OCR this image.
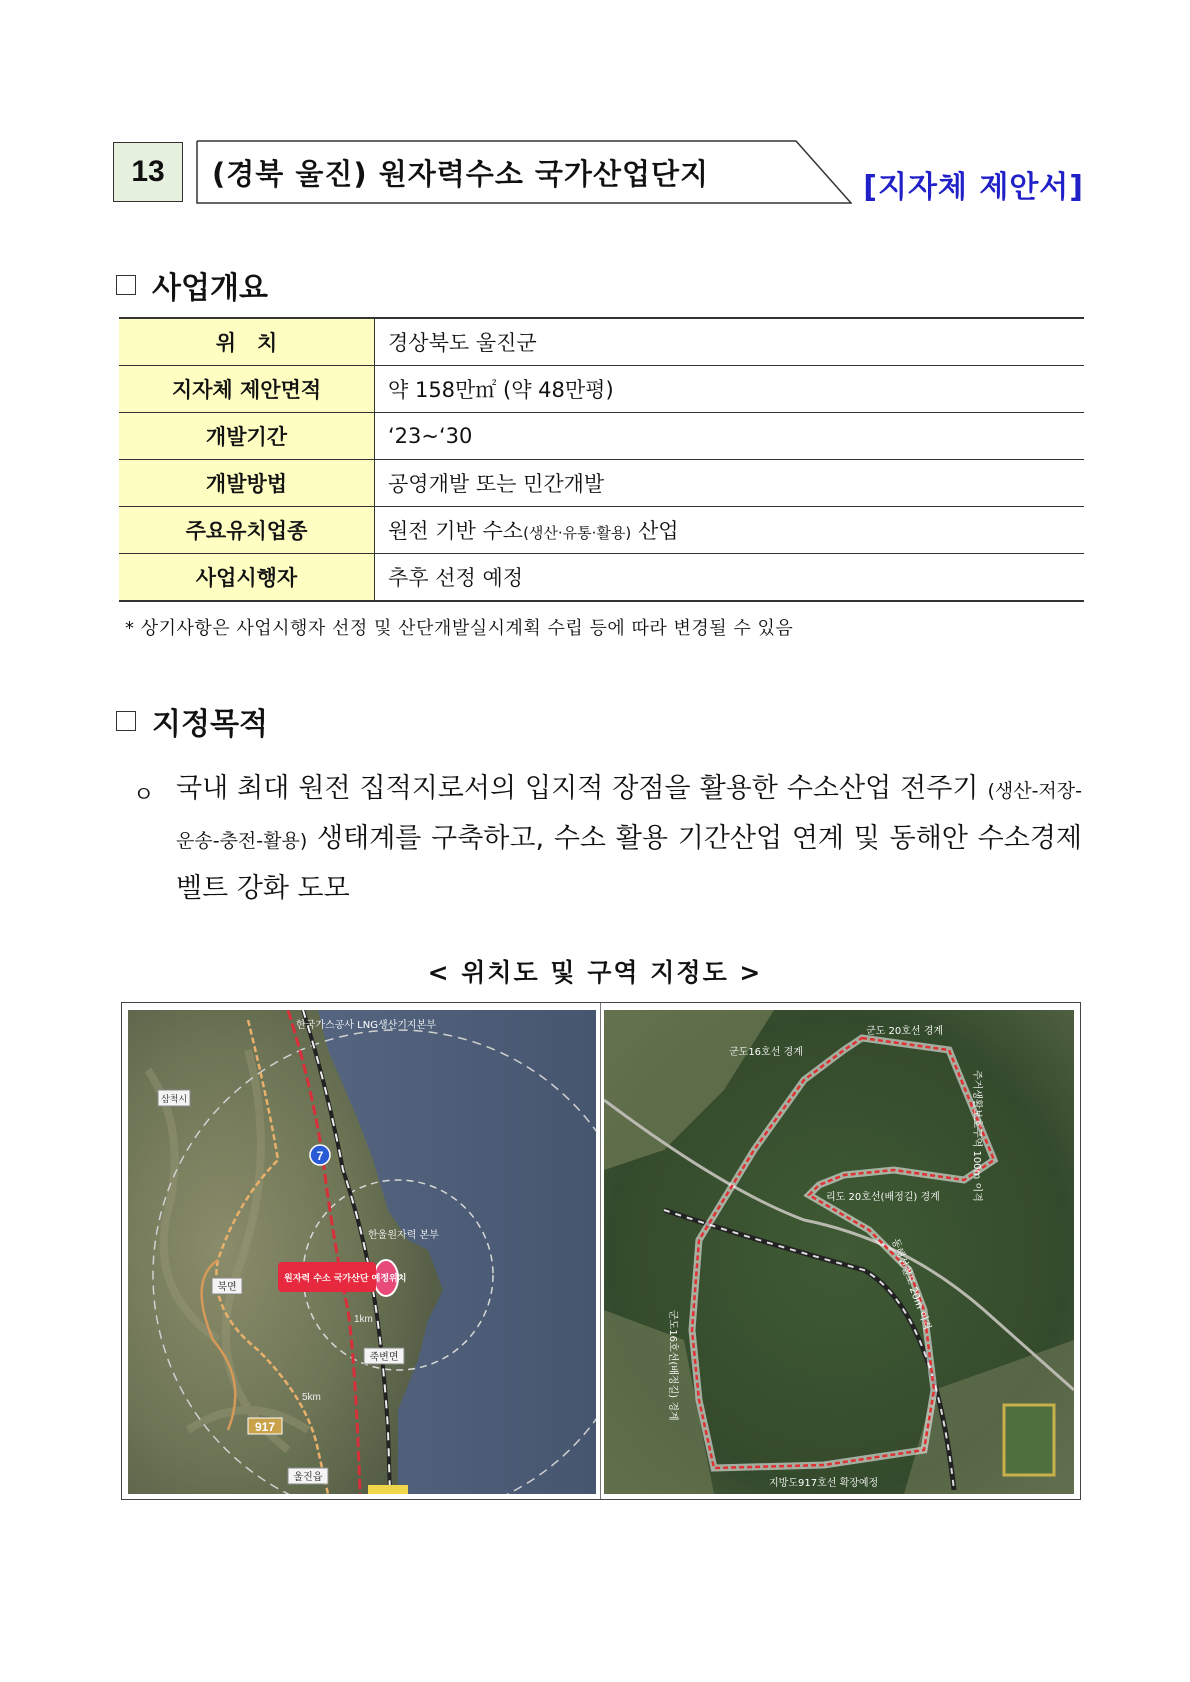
13	(경북 울진) 원자력수소 국가산업단지	[지자체 제안서]
사업개요
위　치	경상북도 울진군
지자체 제안면적	약 158만㎡ (약 48만평)
개발기간	‘23~‘30
개발방법	공영개발 또는 민간개발
주요유치업종	원전 기반 수소(생산·유통·활용) 산업
사업시행자	추후 선정 예정
* 상기사항은 사업시행자 선정 및 산단개발실시계획 수립 등에 따라 변경될 수 있음
지정목적
ㅇ 국내 최대 원전 집적지로서의 입지적 장점을 활용한 수소산업 전주기 (생산-저장-운송-충전-활용) 생태계를 구축하고, 수소 활용 기간산업 연계 및 동해안 수소경제벨트 강화 도모
< 위치도 및 구역 지정도 >
7
917
한국가스공사 LNG생산기지본부
한울원자력 본부
원자력 수소 국가산단 예정위치
북면
죽변면
울진읍
삼척시
5km
1km
군도 20호선 경계
군도16호선 경계
리도 20호선(배정길) 경계
지방도917호선 확장예정
주거생활보호구역 100m 이격
군도16호선(배정길) 경계
동해선철도 20m 이격
